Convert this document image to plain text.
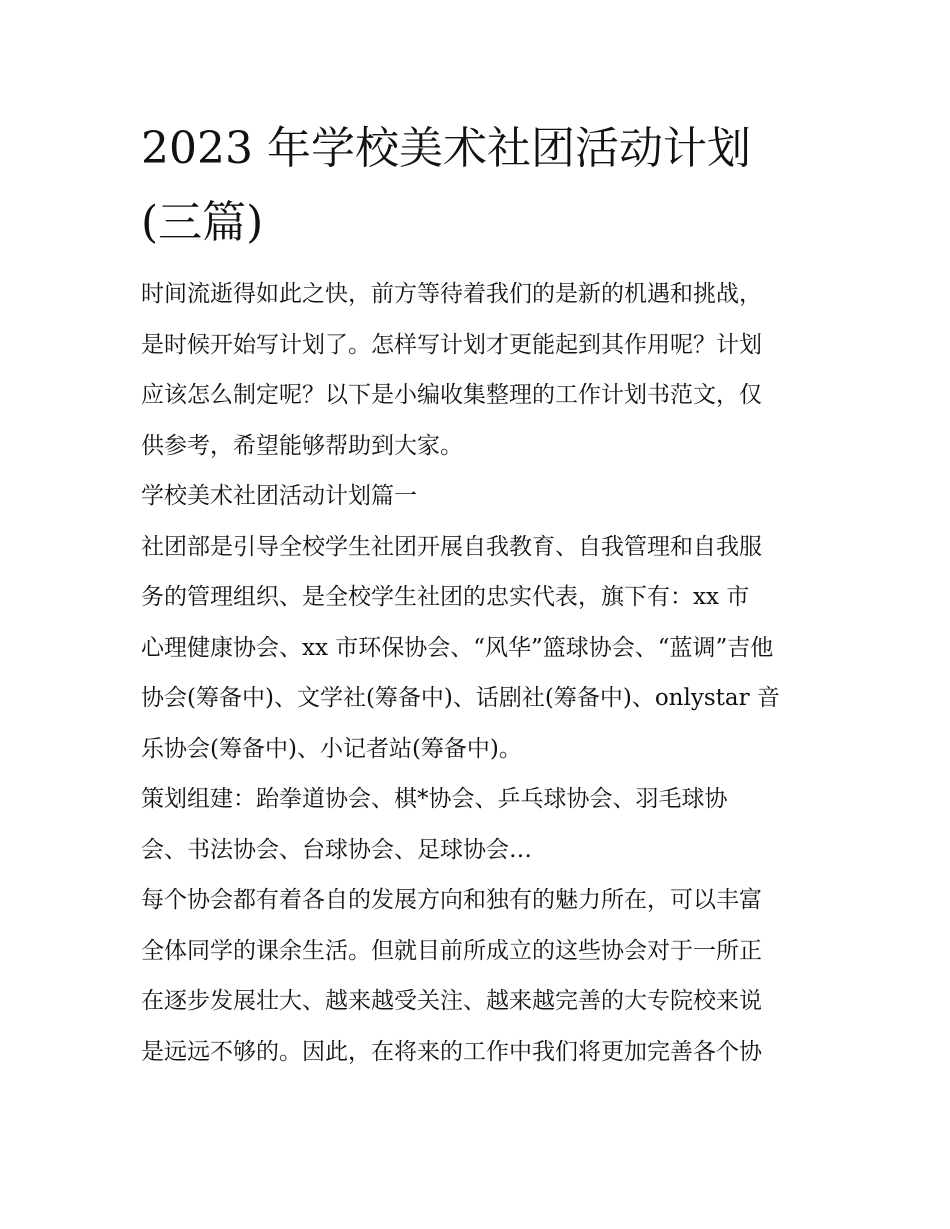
2023 年学校美术社团活动计划
(三篇)

时间流逝得如此之快，前方等待着我们的是新的机遇和挑战，
是时候开始写计划了。怎样写计划才更能起到其作用呢？计划
应该怎么制定呢？以下是小编收集整理的工作计划书范文，仅
供参考，希望能够帮助到大家。

学校美术社团活动计划篇一

社团部是引导全校学生社团开展自我教育、自我管理和自我服
务的管理组织、是全校学生社团的忠实代表，旗下有：xx 市
心理健康协会、xx 市环保协会、“风华”篮球协会、“蓝调”吉他
协会(筹备中)、文学社(筹备中)、话剧社(筹备中)、onlystar 音
乐协会(筹备中)、小记者站(筹备中)。

策划组建：跆拳道协会、棋*协会、乒乓球协会、羽毛球协
会、书法协会、台球协会、足球协会…

每个协会都有着各自的发展方向和独有的魅力所在，可以丰富
全体同学的课余生活。但就目前所成立的这些协会对于一所正
在逐步发展壮大、越来越受关注、越来越完善的大专院校来说
是远远不够的。因此，在将来的工作中我们将更加完善各个协
